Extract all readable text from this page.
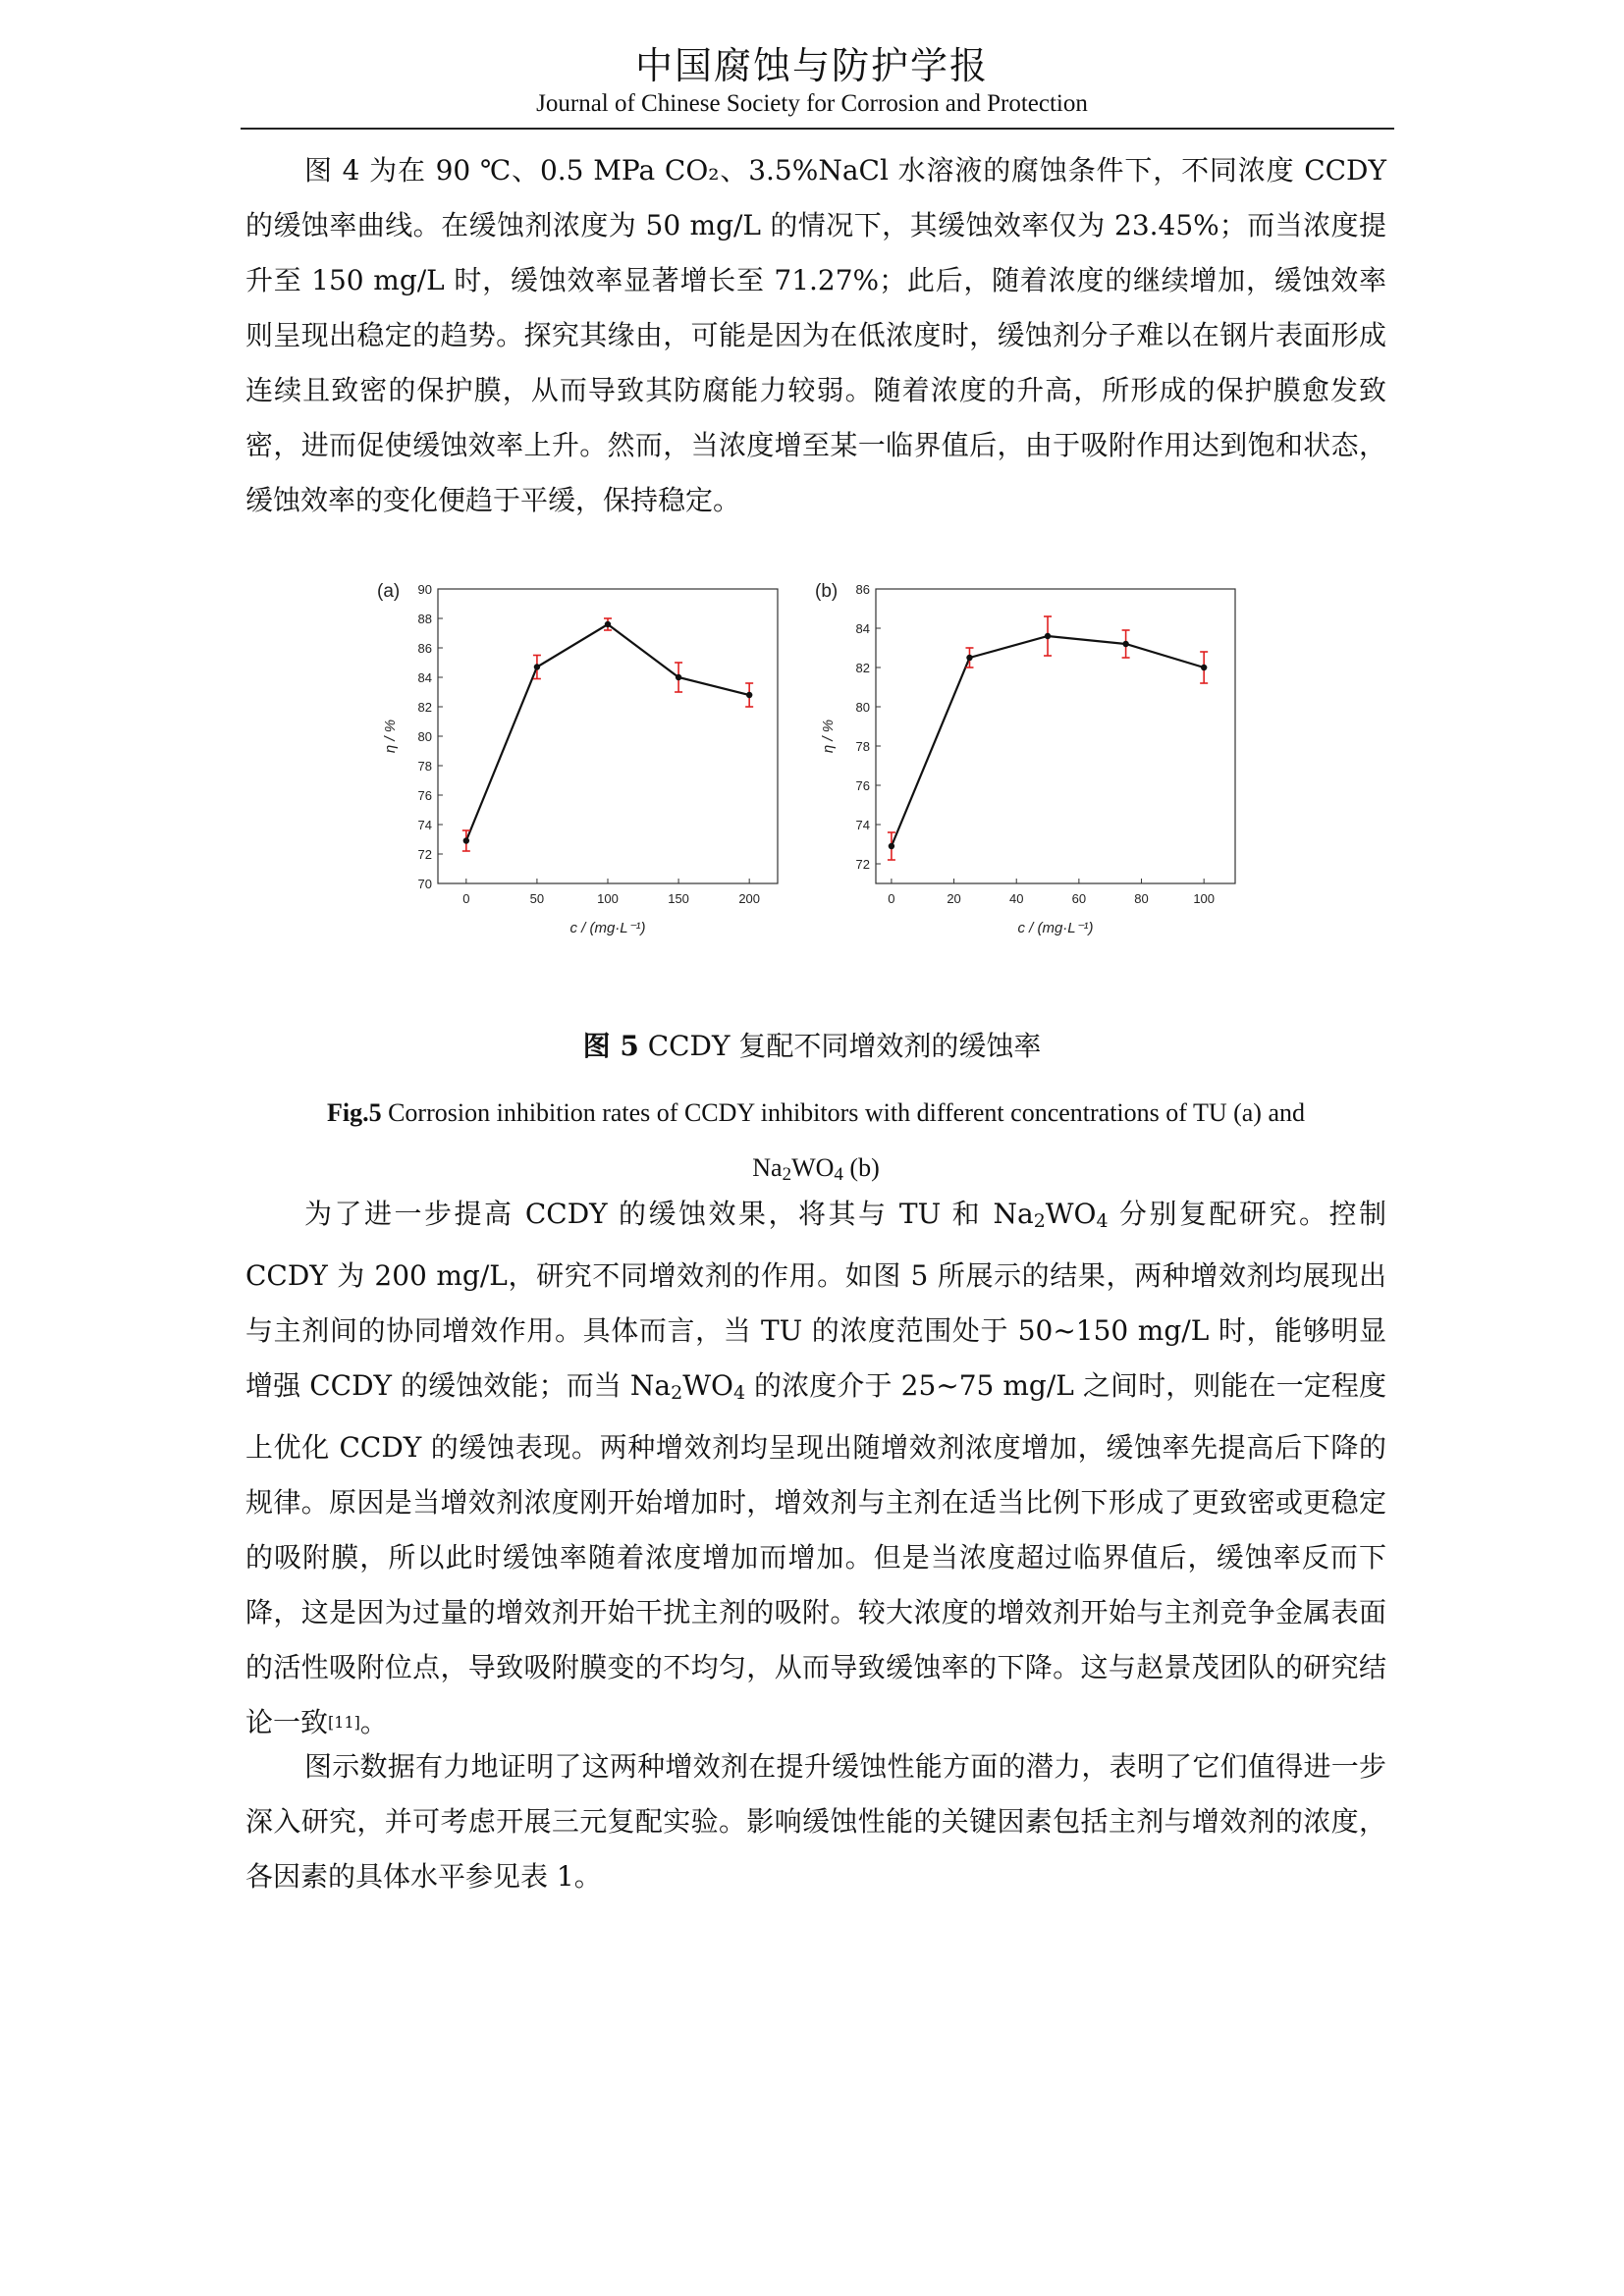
中国腐蚀与防护学报
Journal of Chinese Society for Corrosion and Protection
图 4 为在 90 ℃、0.5 MPa CO₂、3.5%NaCl 水溶液的腐蚀条件下，不同浓度 CCDY 的缓蚀率曲线。在缓蚀剂浓度为 50 mg/L 的情况下，其缓蚀效率仅为 23.45%；而当浓度提升至 150 mg/L 时，缓蚀效率显著增长至 71.27%；此后，随着浓度的继续增加，缓蚀效率则呈现出稳定的趋势。探究其缘由，可能是因为在低浓度时，缓蚀剂分子难以在钢片表面形成连续且致密的保护膜，从而导致其防腐能力较弱。随着浓度的升高，所形成的保护膜愈发致密，进而促使缓蚀效率上升。然而，当浓度增至某一临界值后，由于吸附作用达到饱和状态，缓蚀效率的变化便趋于平缓，保持稳定。
(a)
70
72
74
76
78
80
82
84
86
88
90
0	50	100	150	200
c / (mg·L⁻¹)
η / %
(b)
72
74
76
78
80
82
84
86
0	20	40	60	80	100
c / (mg·L⁻¹)
η / %
图 5 CCDY 复配不同增效剂的缓蚀率
Fig.5 Corrosion inhibition rates of CCDY inhibitors with different concentrations of TU (a) and
$Na_2WO_4$ (b)
为了进一步提高 CCDY 的缓蚀效果，将其与 TU 和 $Na_2WO_4$ 分别复配研究。控制 CCDY 为 200 mg/L，研究不同增效剂的作用。如图 5 所展示的结果，两种增效剂均展现出与主剂间的协同增效作用。具体而言，当 TU 的浓度范围处于 50~150 mg/L 时，能够明显增强 CCDY 的缓蚀效能；而当 $Na_2WO_4$ 的浓度介于 25~75 mg/L 之间时，则能在一定程度上优化 CCDY 的缓蚀表现。两种增效剂均呈现出随增效剂浓度增加，缓蚀率先提高后下降的规律。原因是当增效剂浓度刚开始增加时，增效剂与主剂在适当比例下形成了更致密或更稳定的吸附膜，所以此时缓蚀率随着浓度增加而增加。但是当浓度超过临界值后，缓蚀率反而下降，这是因为过量的增效剂开始干扰主剂的吸附。较大浓度的增效剂开始与主剂竞争金属表面的活性吸附位点，导致吸附膜变的不均匀，从而导致缓蚀率的下降。这与赵景茂团队的研究结论一致[11]。
图示数据有力地证明了这两种增效剂在提升缓蚀性能方面的潜力，表明了它们值得进一步深入研究，并可考虑开展三元复配实验。影响缓蚀性能的关键因素包括主剂与增效剂的浓度，各因素的具体水平参见表 1。
